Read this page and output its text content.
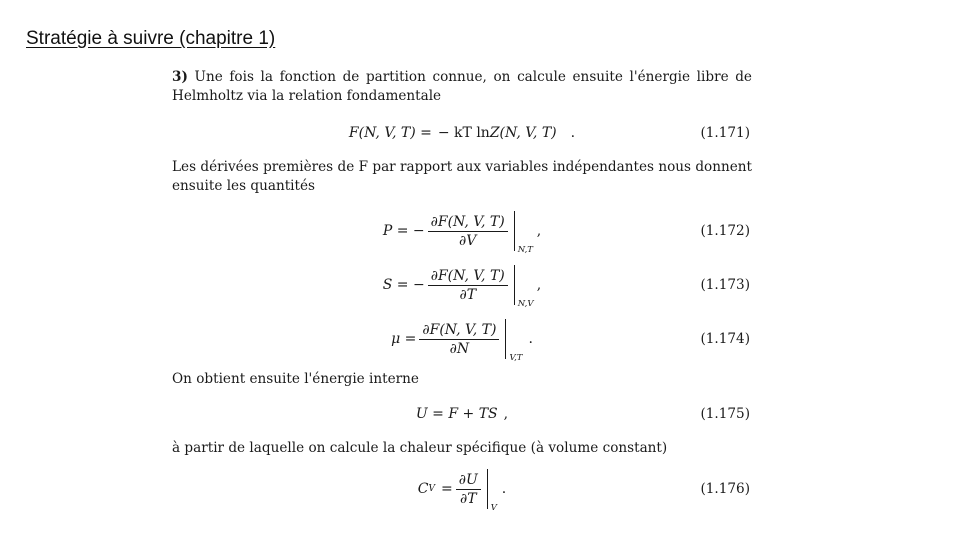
Stratégie à suivre (chapitre 1)

3) Une fois la fonction de partition connue, on calcule ensuite l'énergie libre de Helmholtz via la relation fondamentale

F(N, V, T) = − kT ln Z(N, V, T) .	(1.171)

Les dérivées premières de F par rapport aux variables indépendantes nous donnent ensuite les quantités

P = − $\frac{\partial F(N, V, T)}{\partial V}$
N,T
,	(1.172)
S = − $\frac{\partial F(N, V, T)}{\partial T}$
N,V
,	(1.173)
$\mu = \frac{\partial F(N, V, T)}{\partial N}$
V,T
.	(1.174)

On obtient ensuite l'énergie interne

U = F + TS ,	(1.175)

à partir de laquelle on calcule la chaleur spécifique (à volume constant)

C $V = \frac{\partial U}{\partial T}$
V
.	(1.176)
